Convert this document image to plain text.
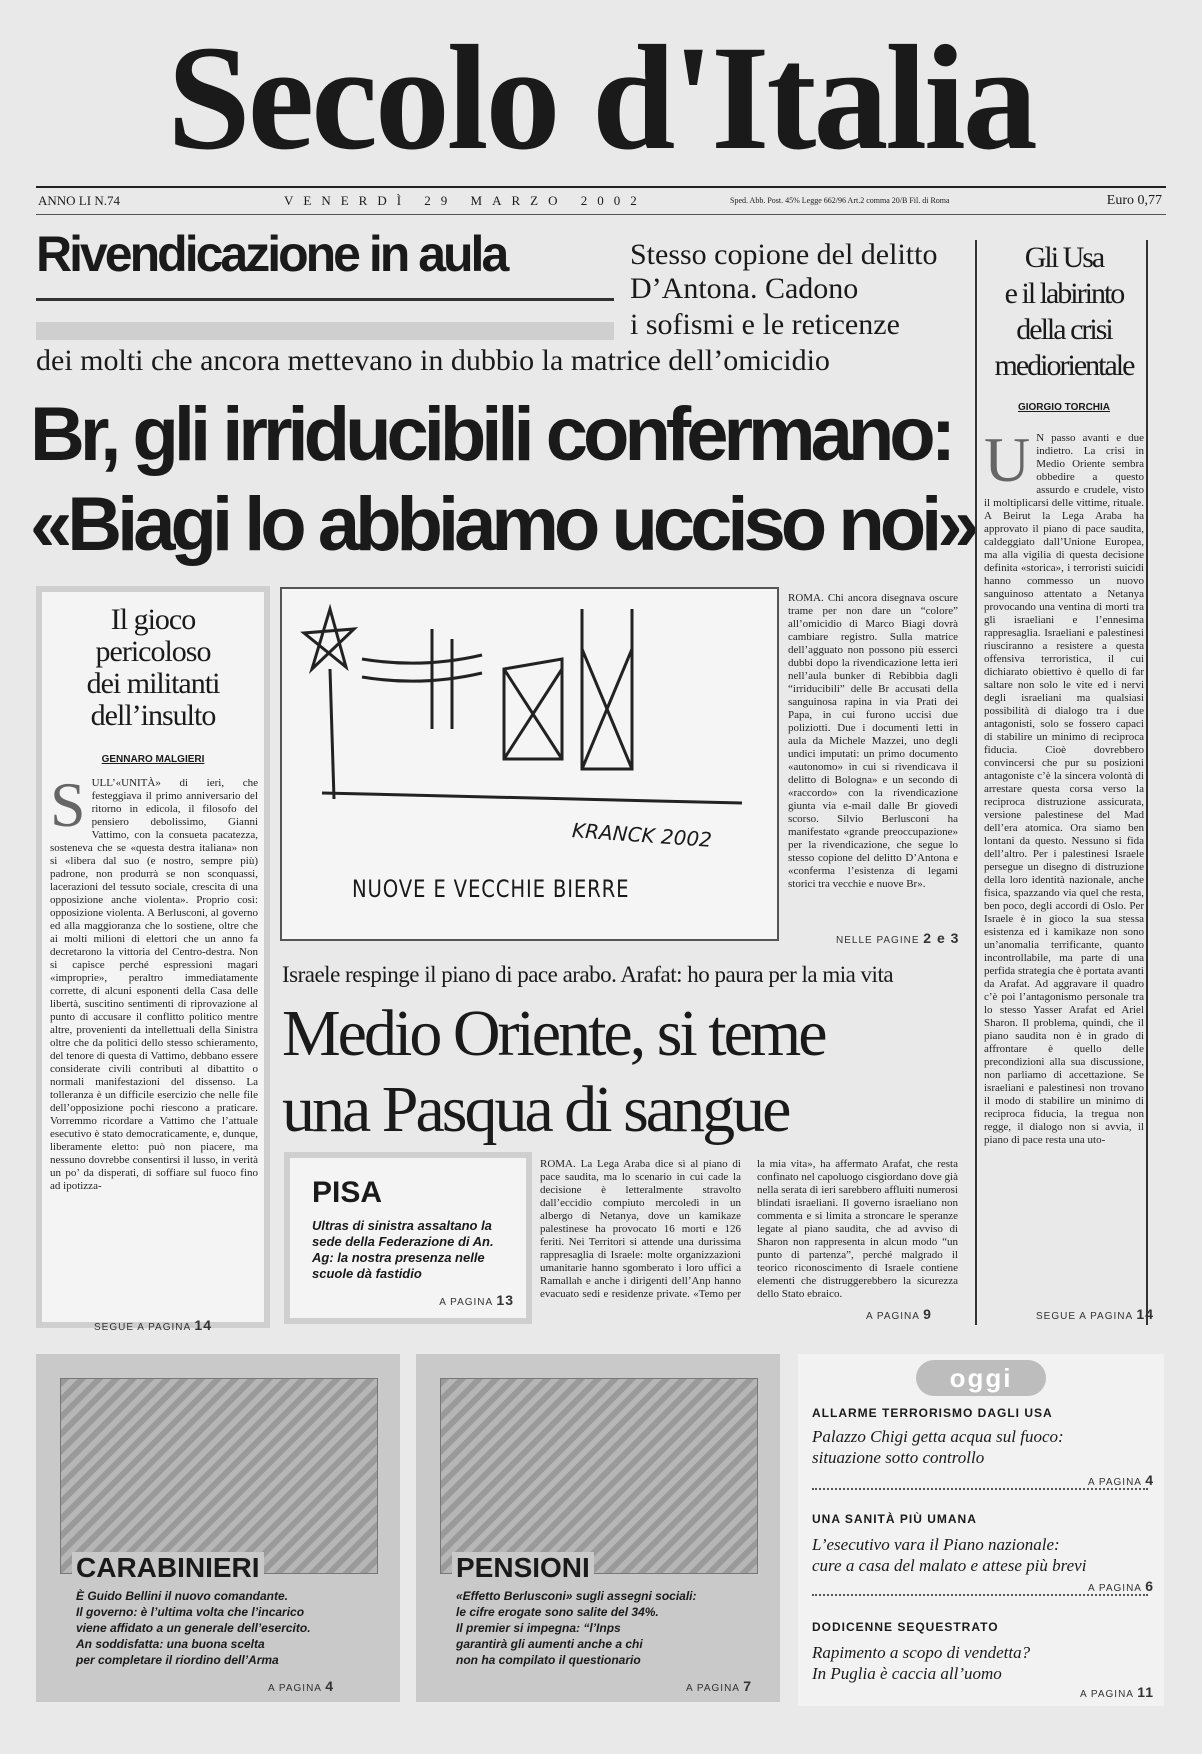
Secolo d'Italia
ANNO LI N.74	VENERDÌ 29 MARZO 2002	Sped. Abb. Post. 45% Legge 662/96 Art.2 comma 20/B Fil. di Roma	Euro 0,77
Rivendicazione in aula	Stesso copione del delitto
D’Antona. Cadono
i sofismi e le reticenze
dei molti che ancora mettevano in dubbio la matrice dell’omicidio
Br, gli irriducibili confermano:
«Biagi lo abbiamo ucciso noi»
Il gioco
pericoloso
dei militanti
dell’insulto
GENNARO MALGIERI
S ULL’«UNITÀ» di ieri, che festeggiava il primo anniversario del ritorno in edicola, il filosofo del pensiero debolissimo, Gianni Vattimo, con la consueta pacatezza, sosteneva che se «questa destra italiana» non si «libera dal suo (e nostro, sempre più) padrone, non produrrà se non sconquassi, lacerazioni del tessuto sociale, crescita di una opposizione anche violenta». Proprio così: opposizione violenta. A Berlusconi, al governo ed alla maggioranza che lo sostiene, oltre che ai molti milioni di elettori che un anno fa decretarono la vittoria del Centro-destra. Non si capisce perché espressioni magari «improprie», peraltro immediatamente corrette, di alcuni esponenti della Casa delle libertà, suscitino sentimenti di riprovazione al punto di accusare il conflitto politico mentre altre, provenienti da intellettuali della Sinistra oltre che da politici dello stesso schieramento, del tenore di questa di Vattimo, debbano essere considerate civili contributi al dibattito o normali manifestazioni del dissenso. La tolleranza è un difficile esercizio che nelle file dell’opposizione pochi riescono a praticare. Vorremmo ricordare a Vattimo che l’attuale esecutivo è stato democraticamente, e, dunque, liberamente eletto: può non piacere, ma nessuno dovrebbe consentirsi il lusso, in verità un po’ da disperati, di soffiare sul fuoco fino ad ipotizza-
SEGUE A PAGINA 14
KRANCK 2002
NUOVE E VECCHIE BIERRE
ROMA. Chi ancora disegnava oscure trame per non dare un “colore” all’omicidio di Marco Biagi dovrà cambiare registro. Sulla matrice dell’agguato non possono più esserci dubbi dopo la rivendicazione letta ieri nell’aula bunker di Rebibbia dagli “irriducibili” delle Br accusati della sanguinosa rapina in via Prati dei Papa, in cui furono uccisi due poliziotti. Due i documenti letti in aula da Michele Mazzei, uno degli undici imputati: un primo documento «autonomo» in cui si rivendicava il delitto di Bologna» e un secondo di «raccordo» con la rivendicazione giunta via e-mail dalle Br giovedì scorso. Silvio Berlusconi ha manifestato «grande preoccupazione» per la rivendicazione, che segue lo stesso copione del delitto D’Antona e «conferma l’esistenza di legami storici tra vecchie e nuove Br».
NELLE PAGINE 2 e 3
Gli Usa
e il labirinto
della crisi
mediorientale
GIORGIO TORCHIA
U N passo avanti e due indietro. La crisi in Medio Oriente sembra obbedire a questo assurdo e crudele, visto il moltiplicarsi delle vittime, rituale. A Beirut la Lega Araba ha approvato il piano di pace saudita, caldeggiato dall’Unione Europea, ma alla vigilia di questa decisione definita «storica», i terroristi suicidi hanno commesso un nuovo sanguinoso attentato a Netanya provocando una ventina di morti tra gli israeliani e l’ennesima rappresaglia. Israeliani e palestinesi riusciranno a resistere a questa offensiva terroristica, il cui dichiarato obiettivo è quello di far saltare non solo le vite ed i nervi degli israeliani ma qualsiasi possibilità di dialogo tra i due antagonisti, solo se fossero capaci di stabilire un minimo di reciproca fiducia. Cioè dovrebbero convincersi che pur su posizioni antagoniste c’è la sincera volontà di arrestare questa corsa verso la reciproca distruzione assicurata, versione palestinese del Mad dell’era atomica. Ora siamo ben lontani da questo. Nessuno si fida dell’altro. Per i palestinesi Israele persegue un disegno di distruzione della loro identità nazionale, anche fisica, spazzando via quel che resta, ben poco, degli accordi di Oslo. Per Israele è in gioco la sua stessa esistenza ed i kamikaze non sono un’anomalia terrificante, quanto incontrollabile, ma parte di una perfida strategia che è portata avanti da Arafat. Ad aggravare il quadro c’è poi l’antagonismo personale tra lo stesso Yasser Arafat ed Ariel Sharon. Il problema, quindi, che il piano saudita non è in grado di affrontare è quello delle precondizioni alla sua discussione, non parliamo di accettazione. Se israeliani e palestinesi non trovano il modo di stabilire un minimo di reciproca fiducia, la tregua non regge, il dialogo non si avvia, il piano di pace resta una uto-
SEGUE A PAGINA 14
Israele respinge il piano di pace arabo. Arafat: ho paura per la mia vita
Medio Oriente, si teme
una Pasqua di sangue
ROMA. La Lega Araba dice sì al piano di pace saudita, ma lo scenario in cui cade la decisione è letteralmente stravolto dall’eccidio compiuto mercoledì in un albergo di Netanya, dove un kamikaze palestinese ha provocato 16 morti e 126 feriti. Nei Territori si attende una durissima rappresaglia di Israele: molte organizzazioni umanitarie hanno sgomberato i loro uffici a Ramallah e anche i dirigenti dell’Anp hanno evacuato sedi e residenze private. «Temo per la mia vita», ha affermato Arafat, che resta confinato nel capoluogo cisgiordano dove già nella serata di ieri sarebbero affluiti numerosi blindati israeliani. Il governo israeliano non commenta e si limita a stroncare le speranze legate al piano saudita, che ad avviso di Sharon non rappresenta in alcun modo “un punto di partenza”, perché malgrado il teorico riconoscimento di Israele contiene elementi che distruggerebbero la sicurezza dello Stato ebraico.
A PAGINA 9
PISA
Ultras di sinistra assaltano la sede della Federazione di An. Ag: la nostra presenza nelle scuole dà fastidio
A PAGINA 13
CARABINIERI
È Guido Bellini il nuovo comandante.
Il governo: è l’ultima volta che l’incarico
viene affidato a un generale dell’esercito.
An soddisfatta: una buona scelta
per completare il riordino dell’Arma
A PAGINA 4
PENSIONI
«Effetto Berlusconi» sugli assegni sociali:
le cifre erogate sono salite del 34%.
Il premier si impegna: “l’Inps
garantirà gli aumenti anche a chi
non ha compilato il questionario
A PAGINA 7
oggi
ALLARME TERRORISMO DAGLI USA
Palazzo Chigi getta acqua sul fuoco:
situazione sotto controllo
A PAGINA 4
UNA SANITÀ PIÙ UMANA
L’esecutivo vara il Piano nazionale:
cure a casa del malato e attese più brevi
A PAGINA 6
DODICENNE SEQUESTRATO
Rapimento a scopo di vendetta?
In Puglia è caccia all’uomo
A PAGINA 11
